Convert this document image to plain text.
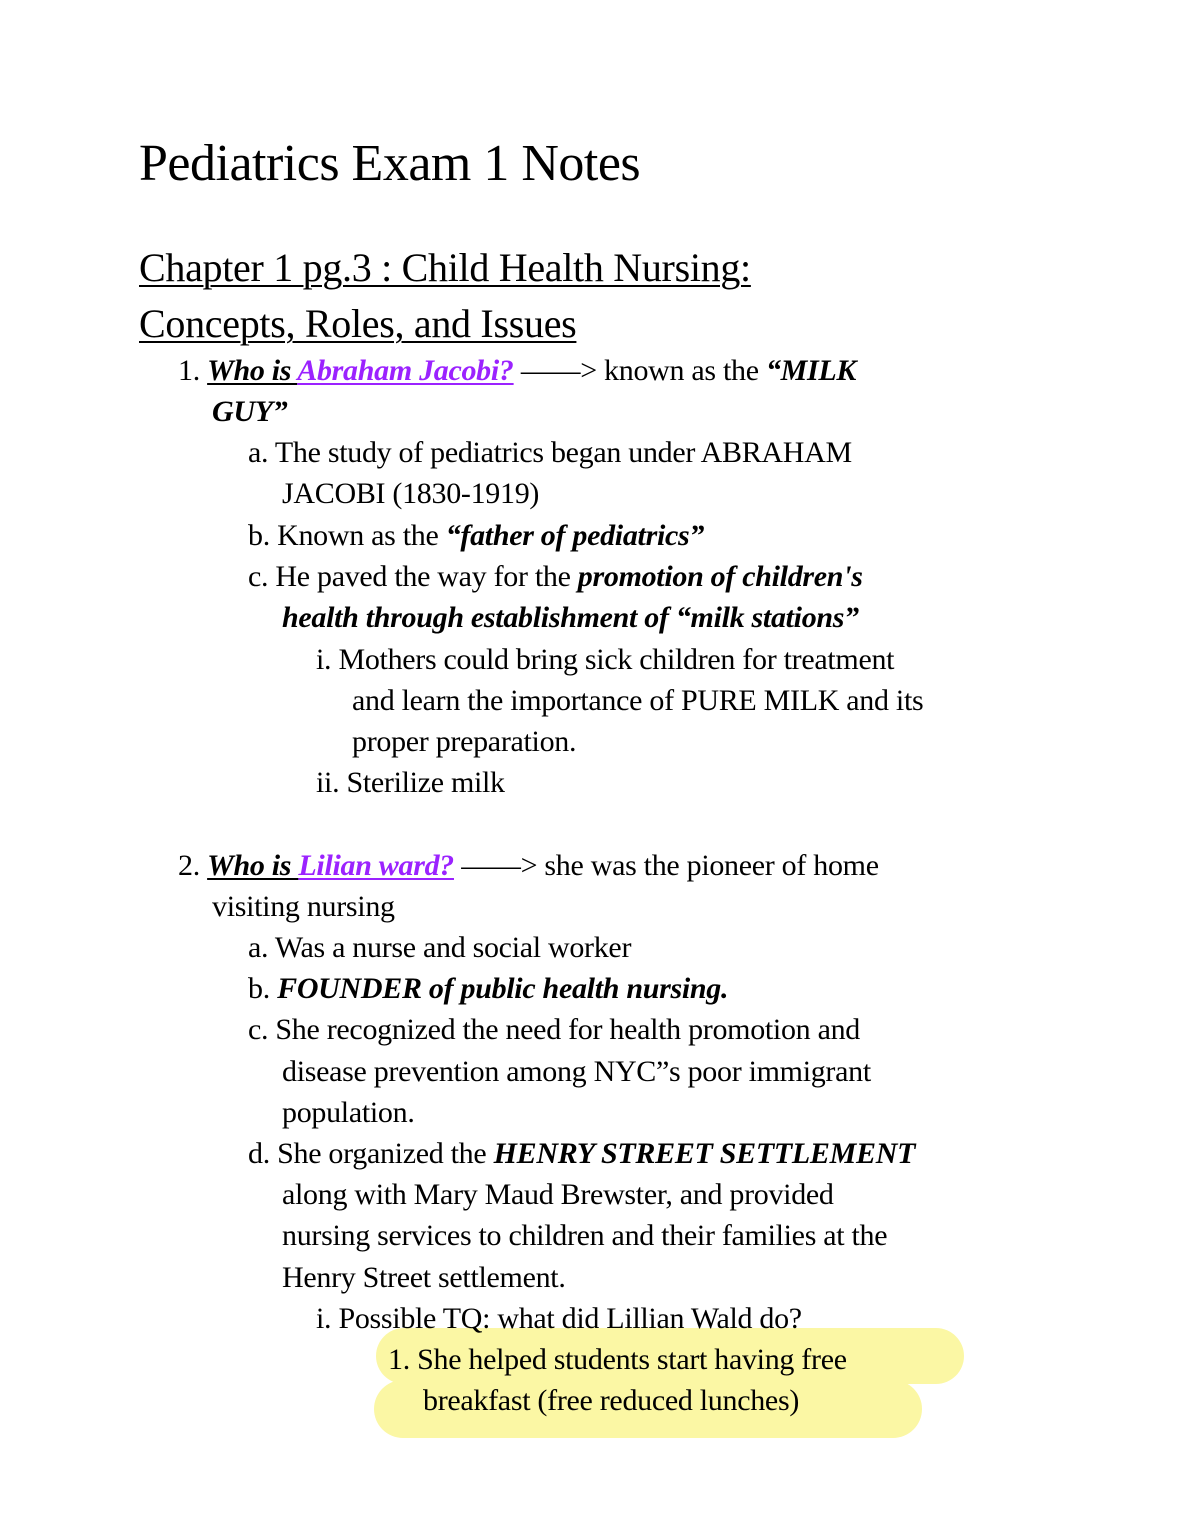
Pediatrics Exam 1 Notes
Chapter 1 pg.3 : Child Health Nursing:
Concepts, Roles, and Issues
1. Who is Abraham Jacobi? ——> known as the “MILK
GUY”
a. The study of pediatrics began under ABRAHAM
JACOBI (1830-1919)
b. Known as the “father of pediatrics”
c. He paved the way for the promotion of children's
health through establishment of “milk stations”
i. Mothers could bring sick children for treatment
and learn the importance of PURE MILK and its
proper preparation.
ii. Sterilize milk
2. Who is Lilian ward? ——> she was the pioneer of home
visiting nursing
a. Was a nurse and social worker
b. FOUNDER of public health nursing.
c. She recognized the need for health promotion and
disease prevention among NYC”s poor immigrant
population.
d. She organized the HENRY STREET SETTLEMENT
along with Mary Maud Brewster, and provided
nursing services to children and their families at the
Henry Street settlement.
i. Possible TQ: what did Lillian Wald do?
1. She helped students start having free
breakfast (free reduced lunches)
